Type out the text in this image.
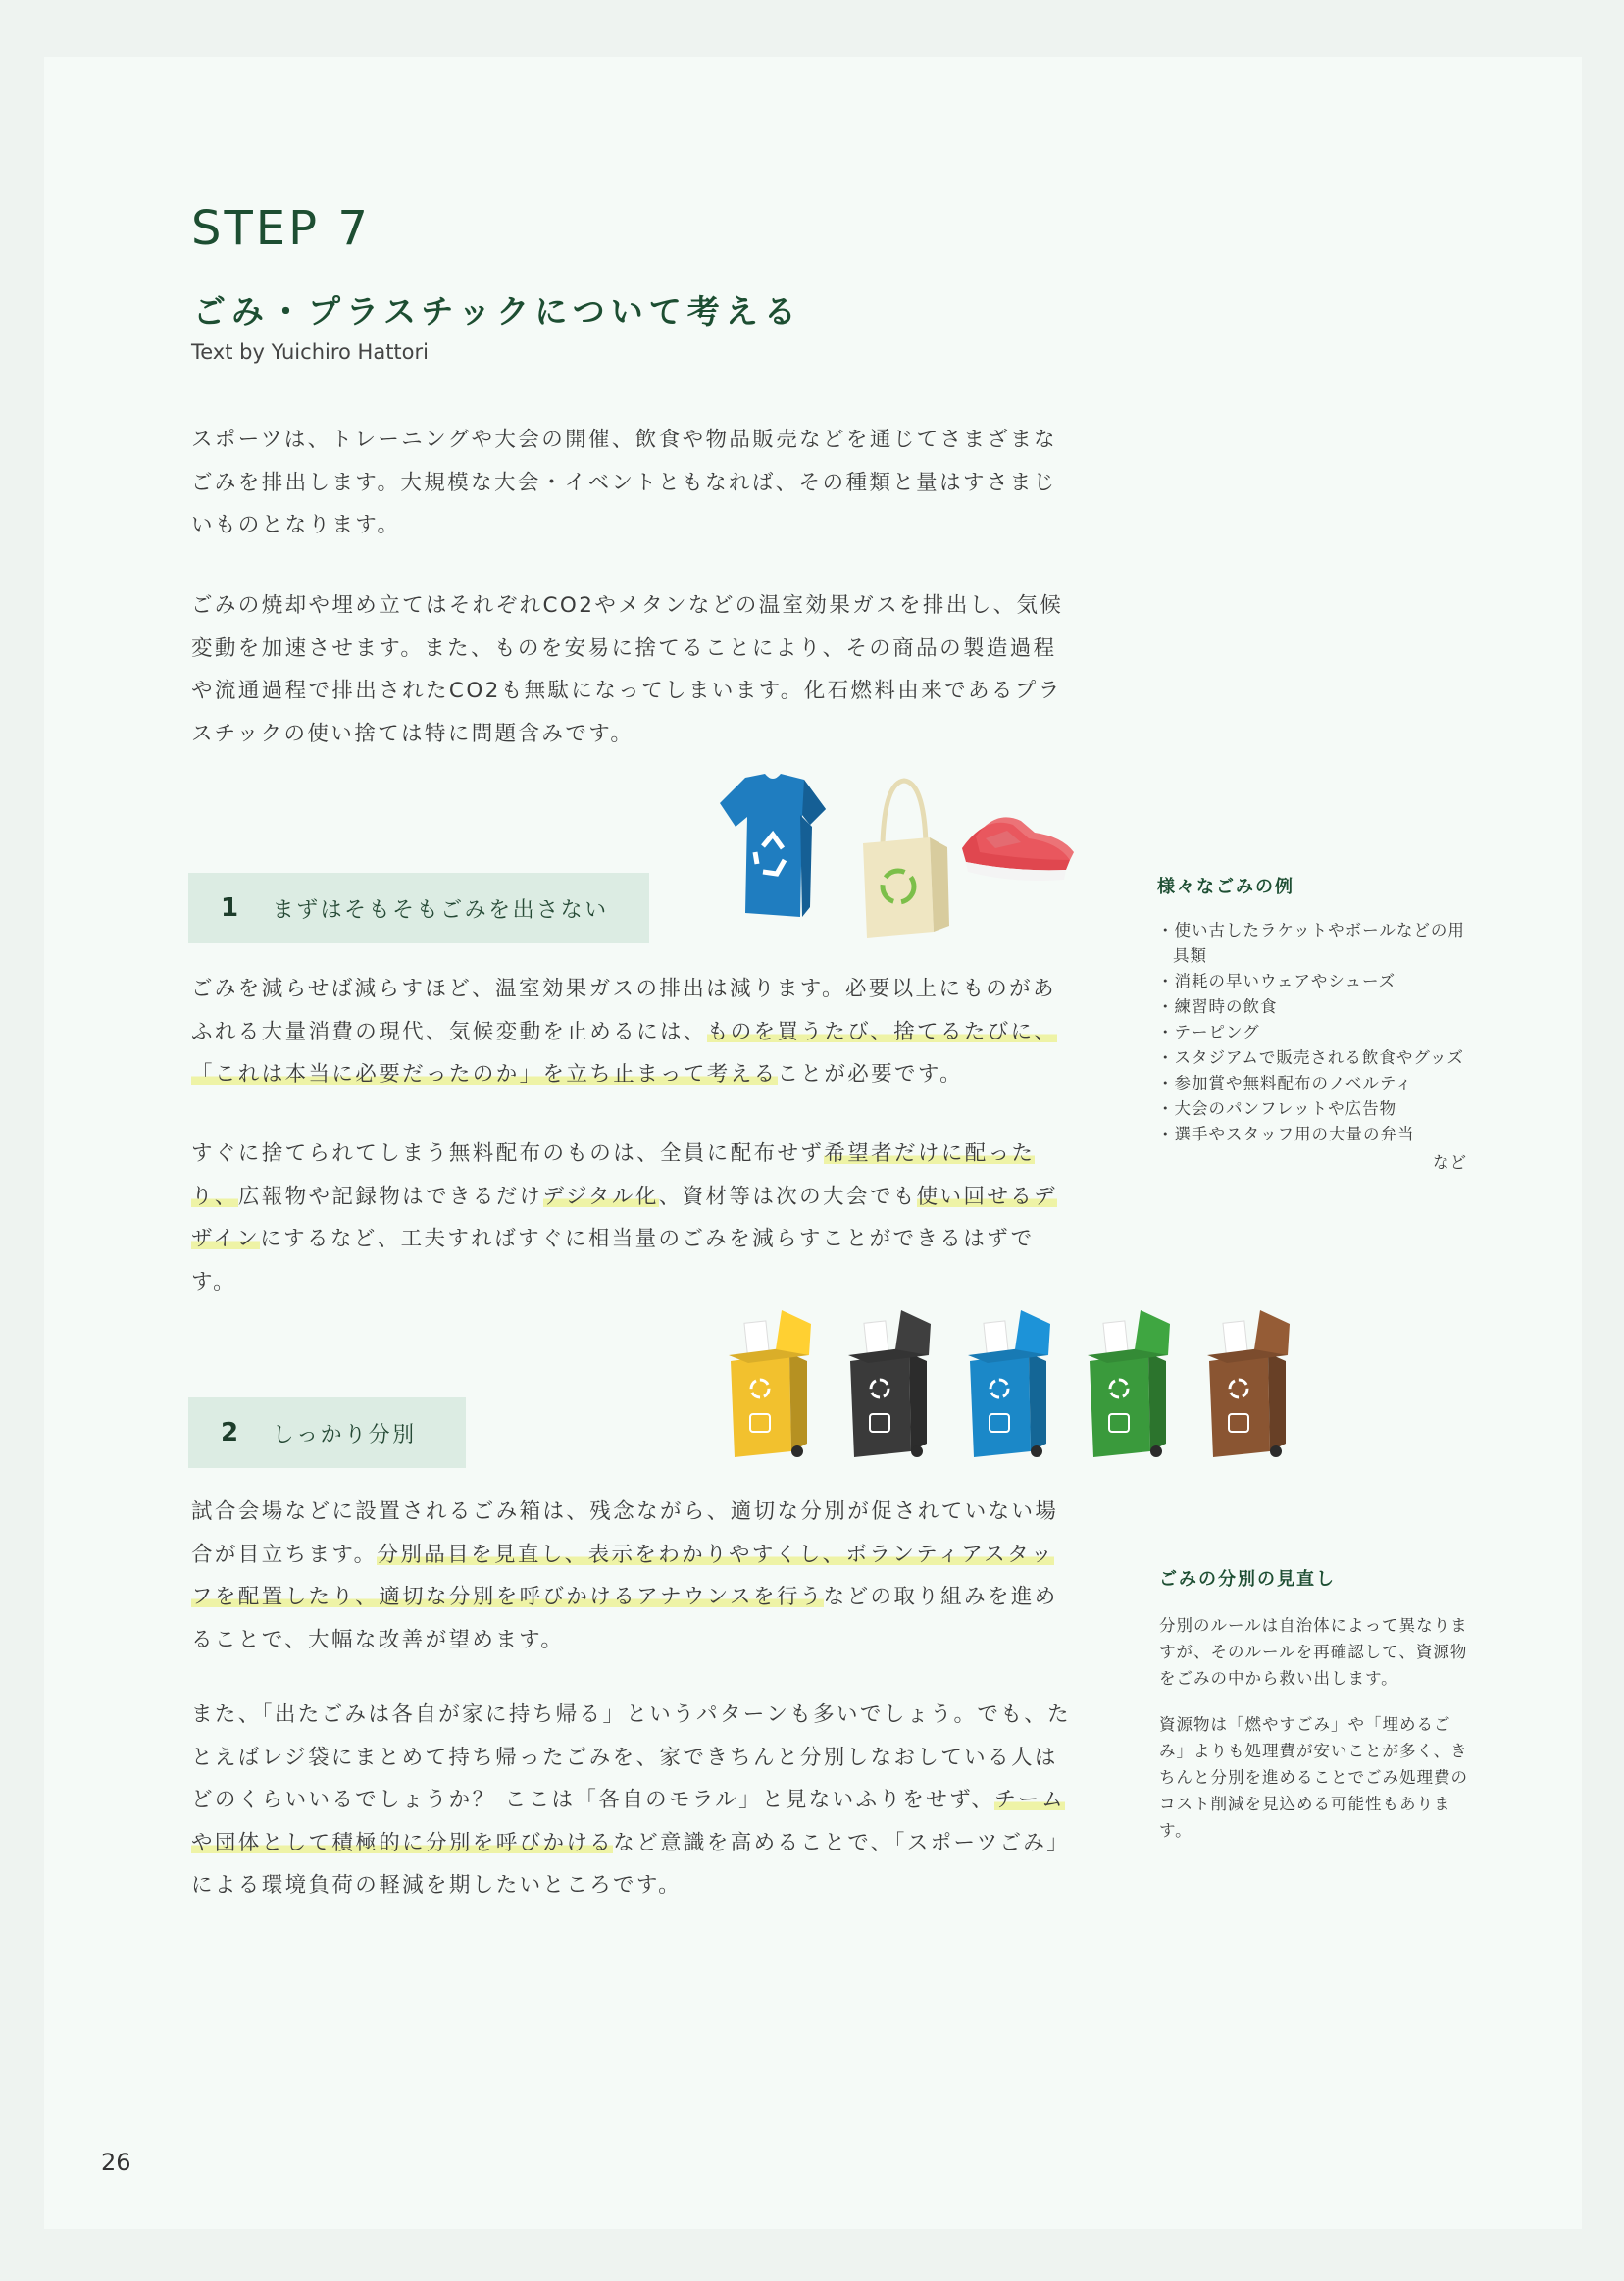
STEP 7
ごみ・プラスチックについて考える
Text by Yuichiro Hattori

スポーツは、トレーニングや大会の開催、飲食や物品販売などを通じてさまざまなごみを排出します。大規模な大会・イベントともなれば、その種類と量はすさまじいものとなります。

ごみの焼却や埋め立てはそれぞれCO2やメタンなどの温室効果ガスを排出し、気候変動を加速させます。また、ものを安易に捨てることにより、その商品の製造過程や流通過程で排出されたCO2も無駄になってしまいます。化石燃料由来であるプラスチックの使い捨ては特に問題含みです。

1 まずはそもそもごみを出さない

ごみを減らせば減らすほど、温室効果ガスの排出は減ります。必要以上にものがあふれる大量消費の現代、気候変動を止めるには、ものを買うたび、捨てるたびに、「これは本当に必要だったのか」を立ち止まって考えることが必要です。

すぐに捨てられてしまう無料配布のものは、全員に配布せず希望者だけに配ったり、広報物や記録物はできるだけデジタル化、資材等は次の大会でも使い回せるデザインにするなど、工夫すればすぐに相当量のごみを減らすことができるはずです。

様々なごみの例
・ 使い古したラケットやボールなどの用具類
・ 消耗の早いウェアやシューズ
・ 練習時の飲食
・ テーピング
・ スタジアムで販売される飲食やグッズ
・ 参加賞や無料配布のノベルティ
・ 大会のパンフレットや広告物
・ 選手やスタッフ用の大量の弁当
など
2 しっかり分別

試合会場などに設置されるごみ箱は、残念ながら、適切な分別が促されていない場合が目立ちます。分別品目を見直し、表示をわかりやすくし、ボランティアスタッフを配置したり、適切な分別を呼びかけるアナウンスを行うなどの取り組みを進めることで、大幅な改善が望めます。

また、「出たごみは各自が家に持ち帰る」というパターンも多いでしょう。でも、たとえばレジ袋にまとめて持ち帰ったごみを、家できちんと分別しなおしている人はどのくらいいるでしょうか？ ここは「各自のモラル」と見ないふりをせず、チームや団体として積極的に分別を呼びかけるなど意識を高めることで、「スポーツごみ」による環境負荷の軽減を期したいところです。

ごみの分別の見直し

分別のルールは自治体によって異なりますが、そのルールを再確認して、資源物をごみの中から救い出します。

資源物は「燃やすごみ」や「埋めるごみ」よりも処理費が安いことが多く、きちんと分別を進めることでごみ処理費のコスト削減を見込める可能性もあります。

26
